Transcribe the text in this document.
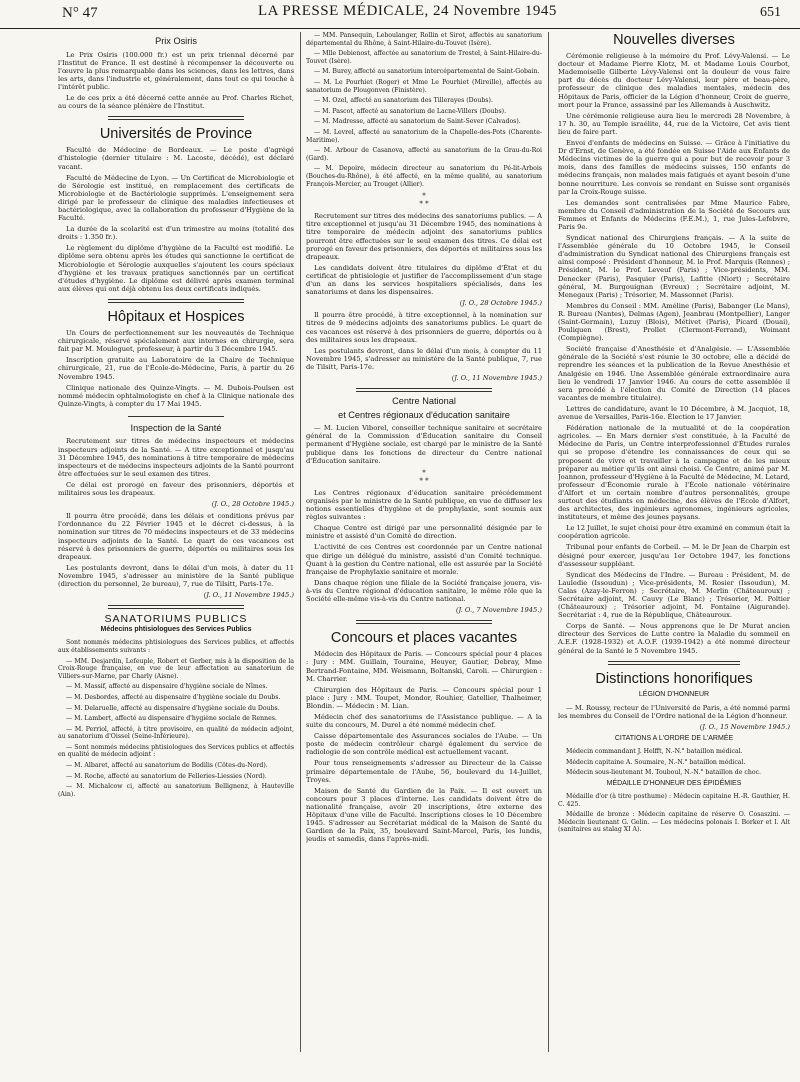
N° 47	LA PRESSE MÉDICALE, 24 Novembre 1945	651
Prix Osiris

Le Prix Osiris (100.000 fr.) est un prix triennal décerné par l'Institut de France. Il est destiné à récompenser la découverte ou l'œuvre la plus remarquable dans les sciences, dans les lettres, dans les arts, dans l'industrie et, généralement, dans tout ce qui touche à l'intérêt public.

Le de ces prix a été décerné cette année au Prof. Charles Richet, au cours de la séance plénière de l'Institut.

Universités de Province

Faculté de Médecine de Bordeaux. — Le poste d'agrégé d'histologie (dernier titulaire : M. Lacoste, décédé), est déclaré vacant.

Faculté de Médecine de Lyon. — Un Certificat de Microbiologie et de Sérologie est institué, en remplacement des certificats de Microbiologie et de Bactériologie supprimés. L'enseignement sera dirigé par le professeur de clinique des maladies infectieuses et bactériologique, avec la collaboration du professeur d'Hygiène de la Faculté.

La durée de la scolarité est d'un trimestre au moins (totalité des droits : 1.350 fr.).

Le règlement du diplôme d'hygiène de la Faculté est modifié. Le diplôme sera obtenu après les études qui sanctionne le certificat de Microbiologie et Sérologie auxquelles s'ajoutent les cours spéciaux d'hygiène et les travaux pratiques sanctionnés par un certificat d'études d'hygiène. Le diplôme est délivré après examen terminal aux élèves qui ont déjà obtenu les deux certificats indiqués.

Hôpitaux et Hospices

Un Cours de perfectionnement sur les nouveautés de Technique chirurgicale, réservé spécialement aux internes en chirurgie, sera fait par M. Mouloguet, professeur, à partir du 3 Décembre 1945.

Inscription gratuite au Laboratoire de la Chaire de Technique chirurgicale, 21, rue de l'École-de-Médecine, Paris, à partir du 26 Novembre 1945.

Clinique nationale des Quinze-Vingts. — M. Dubois-Poulsen est nommé médecin ophtalmologiste en chef à la Clinique nationale des Quinze-Vingts, à compter du 17 Mai 1945.

Inspection de la Santé

Recrutement sur titres de médecins inspecteurs et médecins inspecteurs adjoints de la Santé. — A titre exceptionnel et jusqu'au 31 Décembre 1945, des nominations à titre temporaire de médecins inspecteurs et de médecins inspecteurs adjoints de la Santé pourront être effectuées sur le seul examen des titres.

Ce délai est prorogé en faveur des prisonniers, déportés et militaires sous les drapeaux.

(J. O., 28 Octobre 1945.)

Il pourra être procédé, dans les délais et conditions prévus par l'ordonnance du 22 Février 1945 et le décret ci-dessus, à la nomination sur titres de 70 médecins inspecteurs et de 33 médecins inspecteurs adjoints de la Santé. Le quart de ces vacances est réservé à des prisonniers de guerre, déportés ou militaires sous les drapeaux.

Les postulants devront, dans le délai d'un mois, à dater du 11 Novembre 1945, s'adresser au ministère de la Santé publique (direction du personnel, 2e bureau), 7, rue de Tilsitt, Paris-17e.

(J. O., 11 Novembre 1945.)
SANATORIUMS PUBLICS
Médecins phtisiologues des Services Publics

Sont nommés médecins phtisiologues des Services publics, et affectés aux établissements suivants :

— MM. Desjardin, Lefeuple, Robert et Gerber, mis à la disposition de la Croix-Rouge française, en vue de leur affectation au sanatorium de Villiers-sur-Marne, par Charly (Aisne).

— M. Massif, affecté au dispensaire d'hygiène sociale de Nîmes.

— M. Desbordes, affecté au dispensaire d'hygiène sociale du Doubs.

— M. Delaruelle, affecté au dispensaire d'hygiène sociale du Doubs.

— M. Lambert, affecté au dispensaire d'hygiène sociale de Rennes.

— M. Perriol, affecté, à titre provisoire, en qualité de médecin adjoint, au sanatorium d'Oissel (Seine-Inférieure).

— Sont nommés médecins phtisiologues des Services publics et affectés en qualité de médecin adjoint :

— M. Albaret, affecté au sanatorium de Bodilis (Côtes-du-Nord).

— M. Roche, affecté au sanatorium de Felleries-Liessies (Nord).

— M. Michalcow ci, affecté au sanatorium Bellignenz, à Hauteville (Ain).

— MM. Pansequin, Leboulanger, Rollin et Sirot, affectés au sanatorium départemental du Rhône, à Saint-Hilaire-du-Touvet (Isère).

— Mlle Debienost, affectée au sanatorium de Trestel, à Saint-Hilaire-du-Touvet (Isère).

— M. Burey, affecté au sanatorium intercépartemental de Saint-Gobain.

— M. Le Pourhiet (Roger) et Mme Le Pourhiet (Mireille), affectés au sanatorium de Plougonven (Finistère).

— M. Ozel, affecté au sanatorium des Tillerayes (Doubs).

— M. Pascot, affecté au sanatorium de Lacne-Villers (Doubs).

— M. Madresse, affecté au sanatorium de Saint-Sever (Calvados).

— M. Levrel, affecté au sanatorium de la Chapelle-des-Pots (Charente-Maritime).

— M. Arbour de Casanova, affecté au sanatorium de la Grau-du-Roi (Gard).

— M. Depoire, médecin directeur au sanatorium du Pé-lit-Arbois (Bouches-du-Rhône), à été affecté, en la même qualité, au sanatorium François-Mercier, au Trouget (Allier).

*
* *

Recrutement sur titres des médecins des sanatoriums publics. — A titre exceptionnel et jusqu'au 31 Décembre 1945, des nominations à titre temporaire de médecin adjoint des sanatoriums publics pourront être effectuées sur le seul examen des titres. Ce délai est prorogé en faveur des prisonniers, des déportés et militaires sous les drapeaux.

Les candidats doivent être titulaires du diplôme d'État et du certificat de phtisiologie et justifier de l'accomplissement d'un stage d'un an dans les services hospitaliers spécialisés, dans les sanatoriums et dans les dispensaires.

(J. O., 28 Octobre 1945.)

Il pourra être procédé, à titre exceptionnel, à la nomination sur titres de 9 médecins adjoints des sanatoriums publics. Le quart de ces vacances est réservé à des prisonniers de guerre, déportés ou à des militaires sous les drapeaux.

Les postulants devront, dans le délai d'un mois, à compter du 11 Novembre 1945, s'adresser au ministère de la Santé publique, 7, rue de Tilsitt, Paris-17e.

(J. O., 11 Novembre 1945.)
Centre National
et Centres régionaux d'éducation sanitaire

— M. Lucien Viborel, conseiller technique sanitaire et secrétaire général de la Commission d'Éducation sanitaire du Conseil permanent d'Hygiène sociale, est chargé par le ministre de la Santé publique dans les fonctions de directeur du Centre national d'Éducation sanitaire.

*
* *

Les Centres régionaux d'éducation sanitaire précédemment organisés par le ministre de la Santé publique, en vue de diffuser les notions essentielles d'hygiène et de prophylaxie, sont soumis aux règles suivantes :

Chaque Centre est dirigé par une personnalité désignée par le ministre et assisté d'un Comité de direction.

L'activité de ces Centres est coordonnée par un Centre national que dirige un délégué du ministre, assisté d'un Comité technique. Quant à la gestion du Centre national, elle est assurée par la Société française de Prophylaxie sanitaire et morale.

Dans chaque région une filiale de la Société française jouera, vis-à-vis du Centre régional d'éducation sanitaire, le même rôle que la Société elle-même vis-à-vis du Centre national.

(J. O., 7 Novembre 1945.)
Concours et places vacantes

Médecin des Hôpitaux de Paris. — Concours spécial pour 4 places : Jury : MM. Guillain, Touraine, Heuyer, Gautier, Debray, Mme Bertrand-Fontaine, MM. Weismann, Boltanski, Caroli. — Chirurgien : M. Charrier.

Chirurgien des Hôpitaux de Paris. — Concours spécial pour 1 place : Jury : MM. Toupet, Mondor, Rouhier, Gatellier, Thalheimer, Blondin. — Médecin : M. Lian.

Médecin chef des sanatoriums de l'Assistance publique. — A la suite du concours, M. Durel a été nommé médecin chef.

Caisse départementale des Assurances sociales de l'Aube. — Un poste de médecin contrôleur chargé également du service de radiologie de son contrôle médical est actuellement vacant.

Pour tous renseignements s'adresser au Directeur de la Caisse primaire départementale de l'Aube, 56, boulevard du 14-Juillet, Troyes.

Maison de Santé du Gardien de la Paix. — Il est ouvert un concours pour 3 places d'interne. Les candidats doivent être de nationalité française, avoir 20 inscriptions, être externe des Hôpitaux d'une ville de Faculté. Inscriptions closes le 10 Décembre 1945. S'adresser au Secrétariat médical de la Maison de Santé du Gardien de la Paix, 35, boulevard Saint-Marcel, Paris, les lundis, jeudis et samedis, dans l'après-midi.

Nouvelles diverses

Cérémonie religieuse à la mémoire du Prof. Lévy-Valensi. — Le docteur et Madame Pierre Klotz, M. et Madame Louis Courbot, Mademoiselle Gilberte Lévy-Valensi ont la douleur de vous faire part du décès du docteur Lévy-Valensi, leur père et beau-père, professeur de clinique des maladies mentales, médecin des Hôpitaux de Paris, officier de la Légion d'honneur, Croix de guerre, mort pour la France, assassiné par les Allemands à Auschwitz.

Une cérémonie religieuse aura lieu le mercredi 28 Novembre, à 17 h. 30, au Temple israélite, 44, rue de la Victoire, Cet avis tient lieu de faire part.

Envoi d'enfants de médecins en Suisse. — Grâce à l'initiative du Dr d'Ernst, de Genève, a été fondée en Suisse l'Aide aux Enfants de Médecins victimes de la guerre qui a pour but de recevoir pour 3 mois, dans des familles de médecins suisses, 150 enfants de médecins français, non malades mais fatigués et ayant besoin d'une bonne nourriture. Les convois se rendant en Suisse sont organisés par la Croix-Rouge suisse.

Les demandes sont centralisées par Mme Maurice Fabre, membre du Conseil d'administration de la Société de Secours aux Femmes et Enfants de Médecins (F.E.M.), 1, rue Jules-Lefebvre, Paris 9e.

Syndicat national des Chirurgiens français. — A la suite de l'Assemblée générale du 10 Octobre 1945, le Conseil d'administration du Syndicat national des Chirurgiens français est ainsi composé : Président d'honneur, M. le Prof. Marquis (Rennes) ; Président, M. le Prof. Leveuf (Paris) ; Vice-présidents, MM. Denecker (Paris), Pasquier (Paris), Lafitte (Niort) ; Secrétaire général, M. Burgouignan (Evreux) ; Secrétaire adjoint, M. Menegaux (Paris) ; Trésorier, M. Massonnet (Paris).

Membres du Conseil : MM. Améline (Paris), Babanger (Le Mans), R. Bureau (Nantes), Delmas (Agen), Jeanbrau (Montpellier), Langer (Saint-Germain), Luzuy (Blois), Métivet (Paris), Picard (Douai), Pouliquen (Brest), Prollet (Clermont-Ferrand), Woimant (Compiègne).

Société française d'Anesthésie et d'Analgésie. — L'Assemblée générale de la Société s'est réunie le 30 octobre, elle a décidé de reprendre les séances et la publication de la Revue Anesthésie et Analgésie en 1946. Une Assemblée générale extraordinaire aura lieu le vendredi 17 Janvier 1946. Au cours de cette assemblée il sera procédé à l'élection du Comité de Direction (14 places vacantes de membre titulaire).

Lettres de candidature, avant le 10 Décembre, à M. Jacquot, 18, avenue de Versailles, Paris-16e. Élection le 17 Janvier.

Fédération nationale de la mutualité et de la coopération agricoles. — En Mars dernier s'est constituée, à la Faculté de Médecine de Paris, un Centre interprofessionnel d'Études rurales qui se propose d'étendre les connaissances de ceux qui se proposent de vivre et travailler à la campagne et de les mieux préparer au métier qu'ils ont ainsi choisi. Ce Centre, animé par M. Joannon, professeur d'Hygiène à la Faculté de Médecine, M. Letard, professeur d'Économie rurale à l'École nationale vétérinaire d'Alfort et un certain nombre d'autres personnalités, groupe surtout des étudiants en médecine, des élèves de l'École d'Alfort, des architectes, des ingénieurs agronomes, ingénieurs agricoles, instituteurs, et même des jeunes paysans.

Le 12 Juillet, le sujet choisi pour être examiné en commun était la coopération agricole.

Tribunal pour enfants de Corbeil. — M. le Dr Jean de Charpin est désigné pour exercer, jusqu'au 1er Octobre 1947, les fonctions d'assesseur suppléant.

Syndicat des Médecins de l'Indre. — Bureau : Président, M. de Lauledie (Issoudun) ; Vice-présidents, M. Rosier (Issoudun), M. Calas (Azay-le-Ferron) ; Secrétaire, M. Merlin (Châteauroux) ; Secrétaire adjoint, M. Cauvy (Le Blanc) ; Trésorier, M. Poltier (Châteauroux) ; Trésorier adjoint, M. Fontaine (Aigurande). Secrétariat : 4, rue de la République, Châteauroux.

Corps de Santé. — Nous apprenons que le Dr Murat ancien directeur des Services de Lutte contre la Maladie du sommeil en A.E.F. (1928-1932) et A.O.F. (1939-1942) a été nommé directeur général de la Santé le 5 Novembre 1945.

Distinctions honorifiques
LÉGION D'HONNEUR

— M. Roussy, recteur de l'Université de Paris, a été nommé parmi les membres du Conseil de l'Ordre national de la Légion d'honneur.

(J. O., 15 Novembre 1945.)
CITATIONS A L'ORDRE DE L'ARMÉE

Médecin commandant J. Helfft, N.-N.° bataillon médical.

Médecin capitaine A. Soumaire, N.-N.° bataillon médical.

Médecin sous-lieutenant M. Touboul, N.-N.° bataillon de choc.

MÉDAILLE D'HONNEUR DES ÉPIDÉMIES

Médaille d'or (à titre posthume) : Médecin capitaine H.-R. Gauthier, H. C. 425.

Médaille de bronze : Médecin capitaine de réserve O. Cosaszini. — Médecin lieutenant G. Gelin. — Les médecins polonais I. Borker et I. Alt (sanitaires au stalag XI A).
